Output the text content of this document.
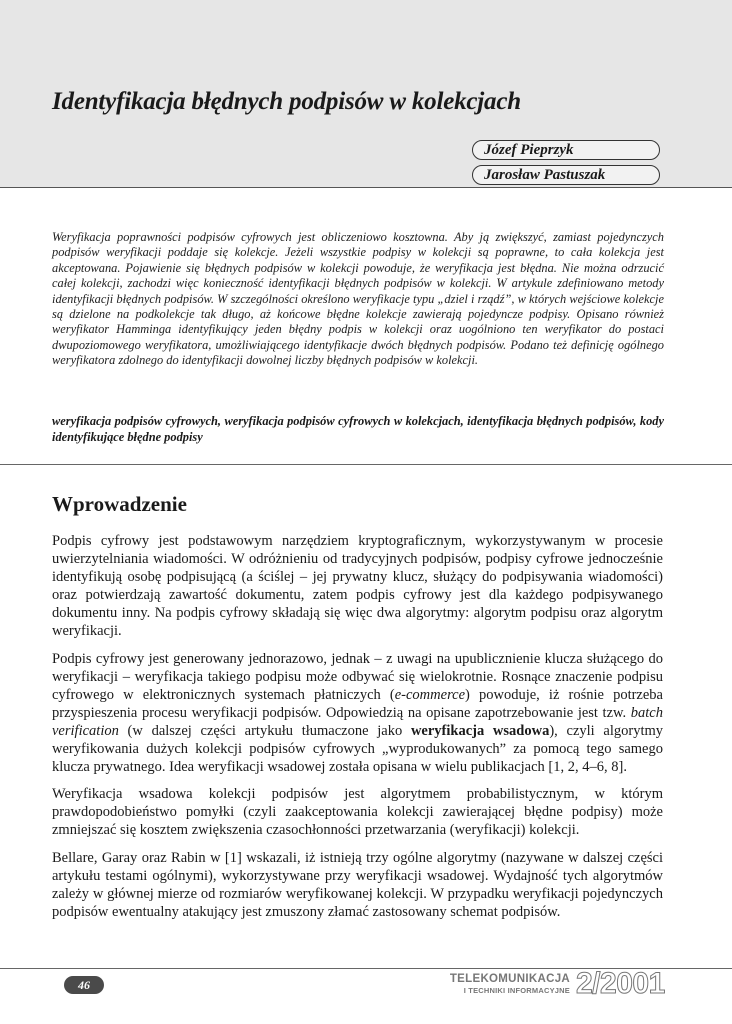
Identyfikacja błędnych podpisów w kolekcjach
Józef Pieprzyk
Jarosław Pastuszak

Weryfikacja poprawności podpisów cyfrowych jest obliczeniowo kosztowna. Aby ją zwiększyć, zamiast pojedynczych podpisów weryfikacji poddaje się kolekcje. Jeżeli wszystkie podpisy w kolekcji są poprawne, to cała kolekcja jest akceptowana. Pojawienie się błędnych podpisów w kolekcji powoduje, że weryfikacja jest błędna. Nie można odrzucić całej kolekcji, zachodzi więc konieczność identyfikacji błędnych podpisów w kolekcji. W artykule zdefiniowano metody identyfikacji błędnych podpisów. W szczególności określono weryfikacje typu „dziel i rządź”, w których wejściowe kolekcje są dzielone na podkolekcje tak długo, aż końcowe błędne kolekcje zawierają pojedyncze podpisy. Opisano również weryfikator Hamminga identyfikujący jeden błędny podpis w kolekcji oraz uogólniono ten weryfikator do postaci dwupoziomowego weryfikatora, umożliwiającego identyfikacje dwóch błędnych podpisów. Podano też definicję ogólnego weryfikatora zdolnego do identyfikacji dowolnej liczby błędnych podpisów w kolekcji.

weryfikacja podpisów cyfrowych, weryfikacja podpisów cyfrowych w kolekcjach, identyfikacja błędnych podpisów, kody identyfikujące błędne podpisy

Wprowadzenie

Podpis cyfrowy jest podstawowym narzędziem kryptograficznym, wykorzystywanym w procesie uwierzytelniania wiadomości. W odróżnieniu od tradycyjnych podpisów, podpisy cyfrowe jednocześnie identyfikują osobę podpisującą (a ściślej – jej prywatny klucz, służący do podpisywania wiadomości) oraz potwierdzają zawartość dokumentu, zatem podpis cyfrowy jest dla każdego podpisywanego dokumentu inny. Na podpis cyfrowy składają się więc dwa algorytmy: algorytm podpisu oraz algorytm weryfikacji.

Podpis cyfrowy jest generowany jednorazowo, jednak – z uwagi na upublicznienie klucza służącego do weryfikacji – weryfikacja takiego podpisu może odbywać się wielokrotnie. Rosnące znaczenie podpisu cyfrowego w elektronicznych systemach płatniczych (e-commerce) powoduje, iż rośnie potrzeba przyspieszenia procesu weryfikacji podpisów. Odpowiedzią na opisane zapotrzebowanie jest tzw. batch verification (w dalszej części artykułu tłumaczone jako weryfikacja wsadowa), czyli algorytmy weryfikowania dużych kolekcji podpisów cyfrowych „wyprodukowanych” za pomocą tego samego klucza prywatnego. Idea weryfikacji wsadowej została opisana w wielu publikacjach [1, 2, 4–6, 8].

Weryfikacja wsadowa kolekcji podpisów jest algorytmem probabilistycznym, w którym prawdopodobieństwo pomyłki (czyli zaakceptowania kolekcji zawierającej błędne podpisy) może zmniejszać się kosztem zwiększenia czasochłonności przetwarzania (weryfikacji) kolekcji.

Bellare, Garay oraz Rabin w [1] wskazali, iż istnieją trzy ogólne algorytmy (nazywane w dalszej części artykułu testami ogólnymi), wykorzystywane przy weryfikacji wsadowej. Wydajność tych algorytmów zależy w głównej mierze od rozmiarów weryfikowanej kolekcji. W przypadku weryfikacji pojedynczych podpisów ewentualny atakujący jest zmuszony złamać zastosowany schemat podpisów.

46	TELEKOMUNIKACJA
I TECHNIKI INFORMACYJNE 2/2001
